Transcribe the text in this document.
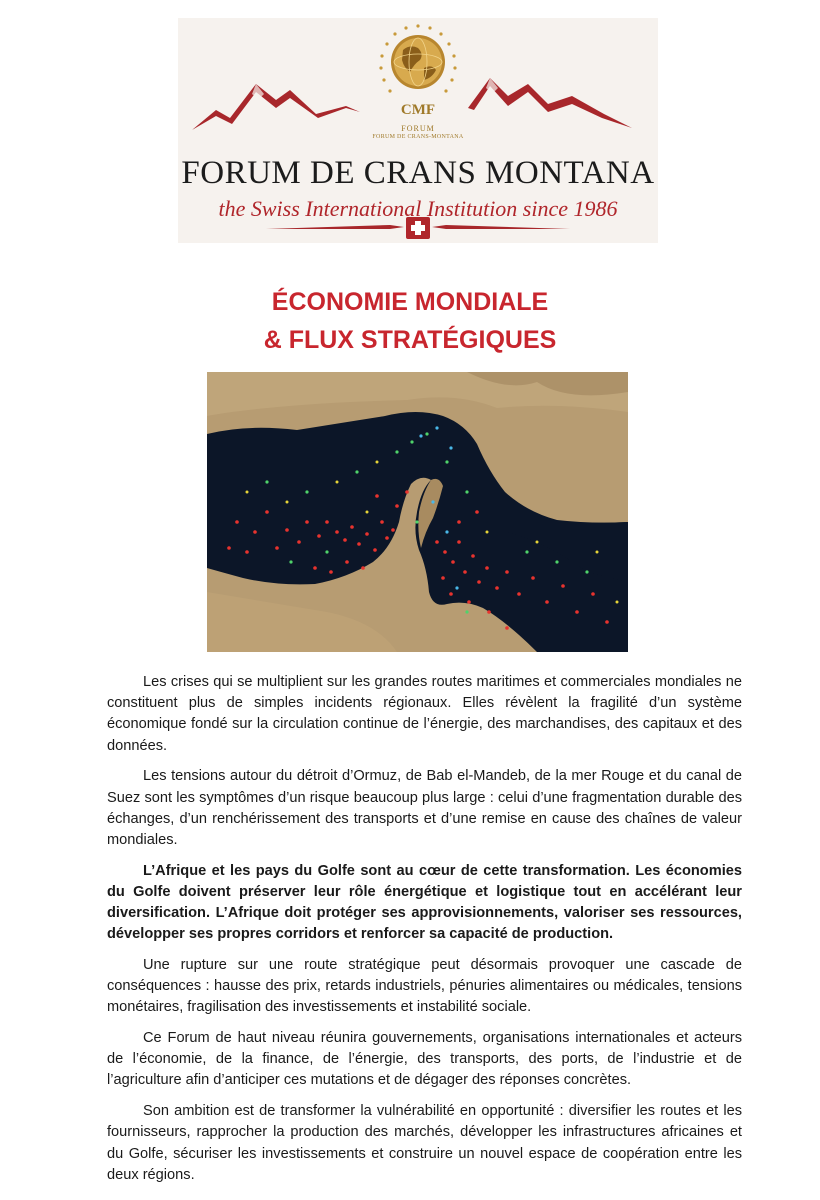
CMF
FORUM
FORUM DE CRANS-MONTANA
FORUM DE CRANS MONTANA
the Swiss International Institution since 1986
ÉCONOMIE MONDIALE
& FLUX STRATÉGIQUES

Les crises qui se multiplient sur les grandes routes maritimes et commerciales mondiales ne constituent plus de simples incidents régionaux. Elles révèlent la fragilité d’un système économique fondé sur la circulation continue de l’énergie, des marchandises, des capitaux et des données.

Les tensions autour du détroit d’Ormuz, de Bab el-Mandeb, de la mer Rouge et du canal de Suez sont les symptômes d’un risque beaucoup plus large : celui d’une fragmentation durable des échanges, d’un renchérissement des transports et d’une remise en cause des chaînes de valeur mondiales.

L’Afrique et les pays du Golfe sont au cœur de cette transformation. Les économies du Golfe doivent préserver leur rôle énergétique et logistique tout en accélérant leur diversification. L’Afrique doit protéger ses approvisionnements, valoriser ses ressources, développer ses propres corridors et renforcer sa capacité de production.

Une rupture sur une route stratégique peut désormais provoquer une cascade de conséquences : hausse des prix, retards industriels, pénuries alimentaires ou médicales, tensions monétaires, fragilisation des investissements et instabilité sociale.

Ce Forum de haut niveau réunira gouvernements, organisations internationales et acteurs de l’économie, de la finance, de l’énergie, des transports, des ports, de l’industrie et de l’agriculture afin d’anticiper ces mutations et de dégager des réponses concrètes.

Son ambition est de transformer la vulnérabilité en opportunité : diversifier les routes et les fournisseurs, rapprocher la production des marchés, développer les infrastructures africaines et du Golfe, sécuriser les investissements et construire un nouvel espace de coopération entre les deux régions.
